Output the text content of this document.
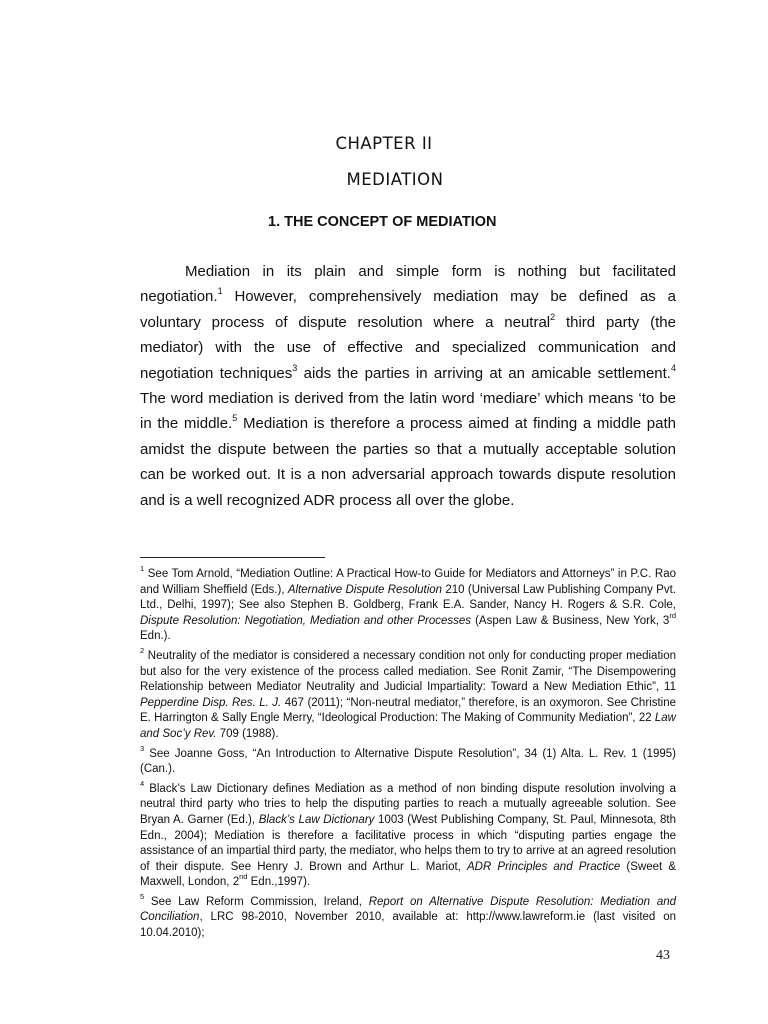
CHAPTER II
MEDIATION
1. THE CONCEPT OF MEDIATION
Mediation in its plain and simple form is nothing but facilitated negotiation.$^1$ However, comprehensively mediation may be defined as a voluntary process of dispute resolution where a neutral$^2$ third party (the mediator) with the use of effective and specialized communication and negotiation techniques$^3$ aids the parties in arriving at an amicable settlement.$^4$ The word mediation is derived from the latin word ‘mediare’ which means ‘to be in the middle.$^5$ Mediation is therefore a process aimed at finding a middle path amidst the dispute between the parties so that a mutually acceptable solution can be worked out. It is a non adversarial approach towards dispute resolution and is a well recognized ADR process all over the globe.

$^1$ See Tom Arnold, “Mediation Outline: A Practical How-to Guide for Mediators and Attorneys” in P.C. Rao and William Sheffield (Eds.), Alternative Dispute Resolution 210 (Universal Law Publishing Company Pvt. Ltd., Delhi, 1997); See also Stephen B. Goldberg, Frank E.A. Sander, Nancy H. Rogers & S.R. Cole, Dispute Resolution: Negotiation, Mediation and other Processes (Aspen Law & Business, New York, 3rd Edn.).

$^2$ Neutrality of the mediator is considered a necessary condition not only for conducting proper mediation but also for the very existence of the process called mediation. See Ronit Zamir, “The Disempowering Relationship between Mediator Neutrality and Judicial Impartiality: Toward a New Mediation Ethic”, 11 Pepperdine Disp. Res. L. J. 467 (2011); “Non-neutral mediator,” therefore, is an oxymoron. See Christine E. Harrington & Sally Engle Merry, “Ideological Production: The Making of Community Mediation”, 22 Law and Soc’y Rev. 709 (1988).

$^3$ See Joanne Goss, “An Introduction to Alternative Dispute Resolution”, 34 (1) Alta. L. Rev. 1 (1995) (Can.).

$^4$ Black’s Law Dictionary defines Mediation as a method of non binding dispute resolution involving a neutral third party who tries to help the disputing parties to reach a mutually agreeable solution. See Bryan A. Garner (Ed.), Black’s Law Dictionary 1003 (West Publishing Company, St. Paul, Minnesota, 8th Edn., 2004); Mediation is therefore a facilitative process in which “disputing parties engage the assistance of an impartial third party, the mediator, who helps them to try to arrive at an agreed resolution of their dispute. See Henry J. Brown and Arthur L. Mariot, ADR Principles and Practice (Sweet & Maxwell, London, 2nd Edn.,1997).

$^5$ See Law Reform Commission, Ireland, Report on Alternative Dispute Resolution: Mediation and Conciliation, LRC 98-2010, November 2010, available at: http://www.lawreform.ie (last visited on 10.04.2010);

43
